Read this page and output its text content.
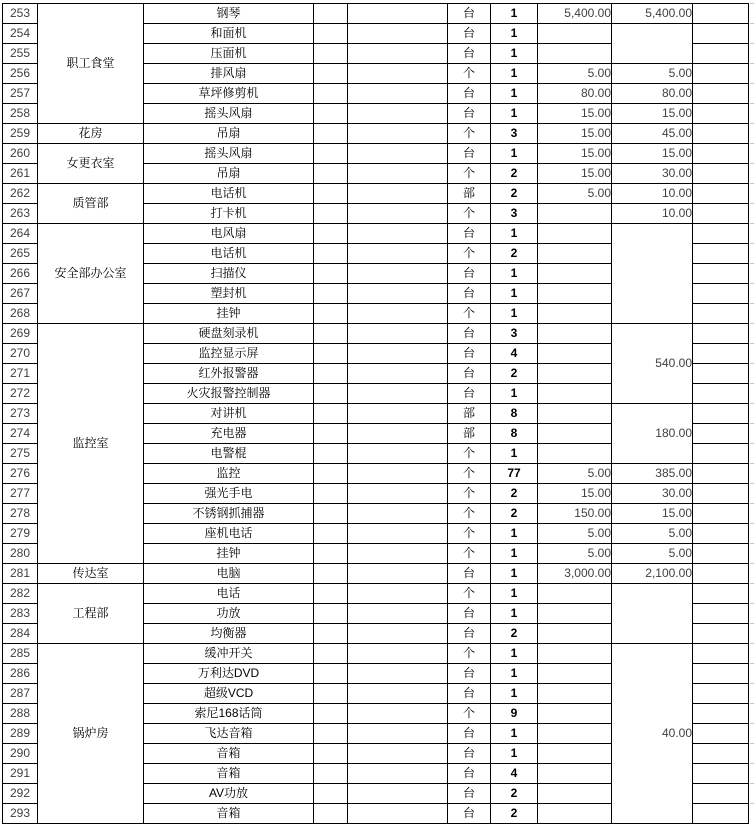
253	职工食堂	钢琴			台	1	5,400.00	5,400.00	
254		和面机			台	1			
255		压面机			台	1			
256		排风扇			个	1	5.00	5.00	
257		草坪修剪机			台	1	80.00	80.00	
258		摇头风扇			台	1	15.00	15.00	
259	花房	吊扇			个	3	15.00	45.00	
260	女更衣室	摇头风扇			台	1	15.00	15.00	
261		吊扇			个	2	15.00	30.00	
262	质管部	电话机			部	2	5.00	10.00	
263		打卡机			个	3		10.00	
264	安全部办公室	电风扇			台	1			
265		电话机			个	2			
266		扫描仪			台	1			
267		塑封机			台	1			
268		挂钟			个	1			
269	监控室	硬盘刻录机			台	3		540.00	
270		监控显示屏			台	4			
271		红外报警器			台	2			
272		火灾报警控制器			台	1			
273		对讲机			部	8		180.00	
274		充电器			部	8			
275		电警棍			个	1			
276		监控			个	77	5.00	385.00	
277		强光手电			个	2	15.00	30.00	
278		不锈钢抓捕器			个	2	150.00	15.00	
279		座机电话			个	1	5.00	5.00	
280		挂钟			个	1	5.00	5.00	
281	传达室	电脑			台	1	3,000.00	2,100.00	
282	工程部	电话			个	1			
283		功放			台	1			
284		均衡器			台	2			
285	锅炉房	缓冲开关			个	1		40.00	
286		万利达DVD			台	1			
287		超级VCD			台	1			
288		索尼168话筒			个	9			
289		飞达音箱			台	1			
290		音箱			台	1			
291		音箱			台	4			
292		AV功放			台	2			
293		音箱			台	2			
